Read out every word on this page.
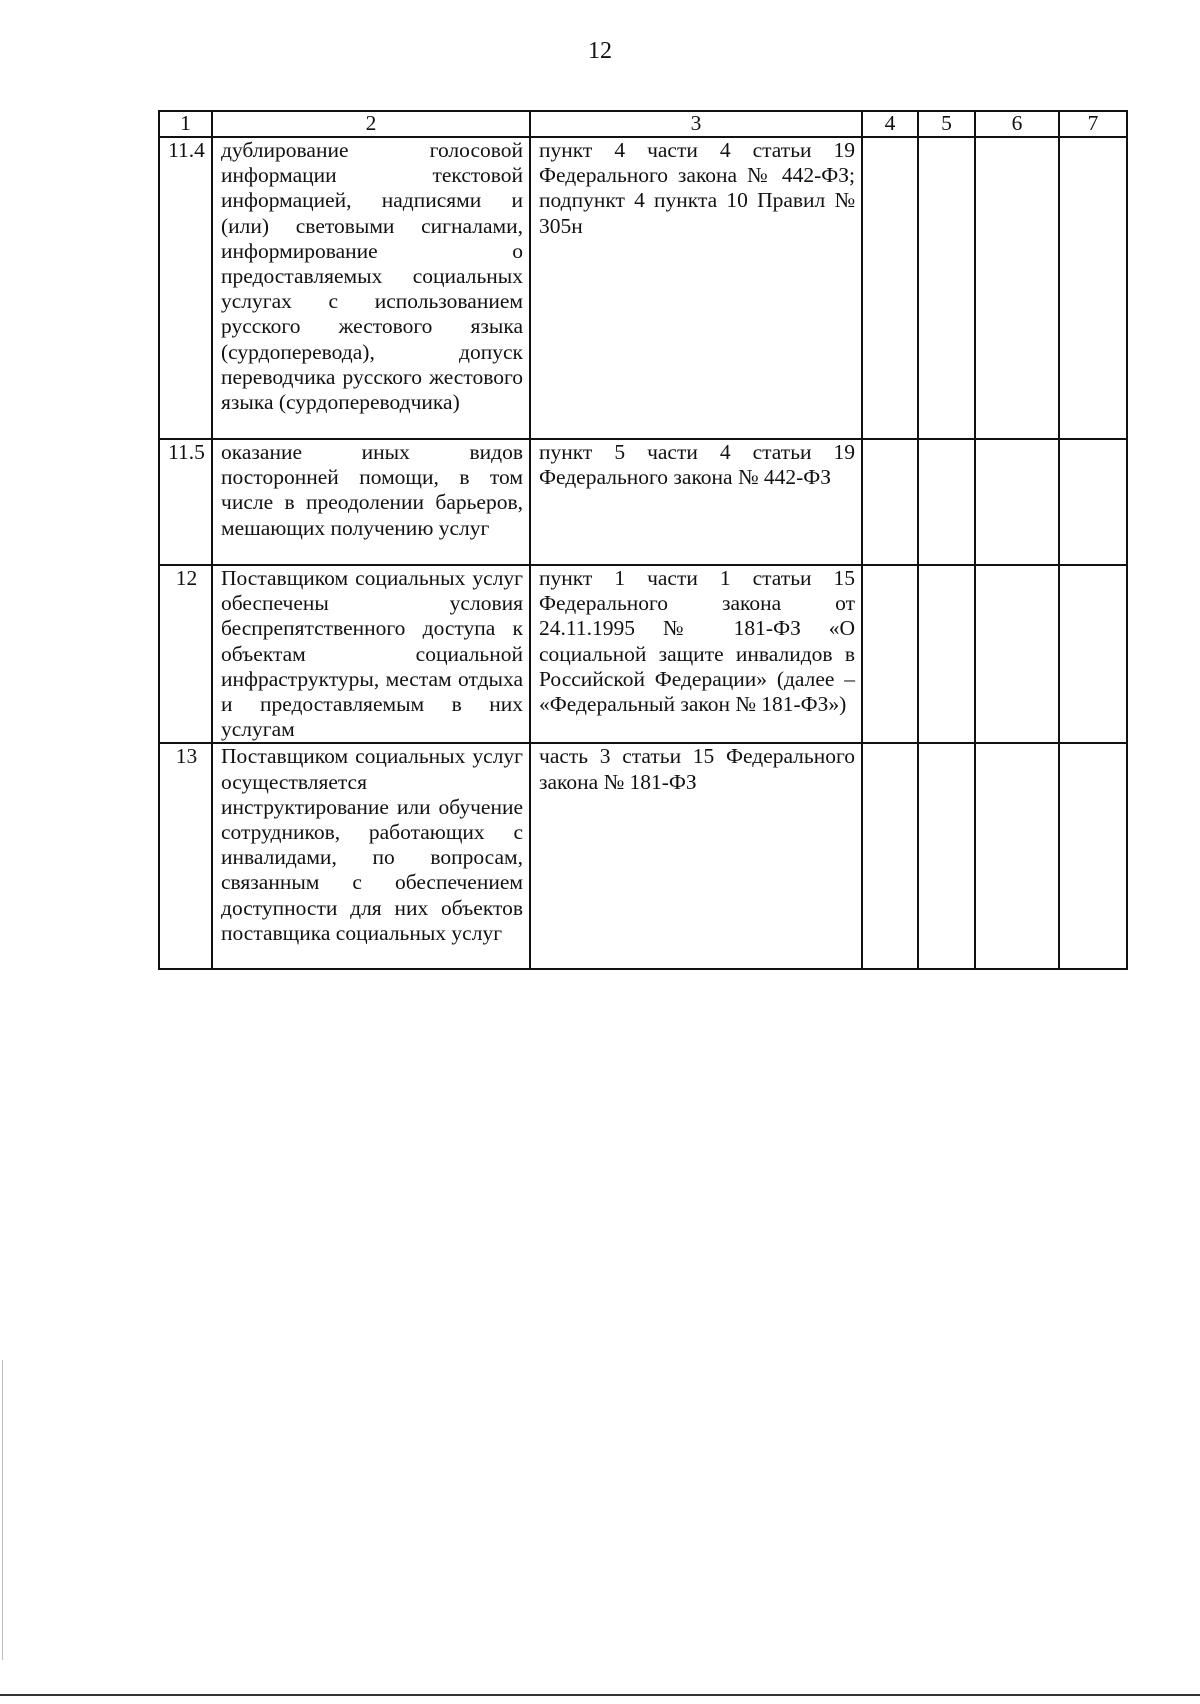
12
1	2	3	4	5	6	7
11.4	дублирование голосовой информации текстовой информацией, надписями и (или) световыми сигналами, информирование о предоставляемых социальных услугах с использованием русского жестового языка (сурдоперевода), допуск переводчика русского жестового языка (сурдопереводчика)	пункт 4 части 4 статьи 19 Федерального закона № 442-ФЗ; подпункт 4 пункта 10 Правил № 305н				
11.5	оказание иных видов посторонней помощи, в том числе в преодолении барьеров, мешающих получению услуг	пункт 5 части 4 статьи 19 Федерального закона № 442-ФЗ				
12	Поставщиком социальных услуг обеспечены условия беспрепятственного доступа к объектам социальной инфраструктуры, местам отдыха и предоставляемым в них услугам	пункт 1 части 1 статьи 15 Федерального закона от 24.11.1995 № 181-ФЗ «О социальной защите инвалидов в Российской Федерации» (далее – «Федеральный закон № 181-ФЗ»)				
13	Поставщиком социальных услуг осуществляется инструктирование или обучение сотрудников, работающих с инвалидами, по вопросам, связанным с обеспечением доступности для них объектов поставщика социальных услуг	часть 3 статьи 15 Федерального закона № 181-ФЗ				
